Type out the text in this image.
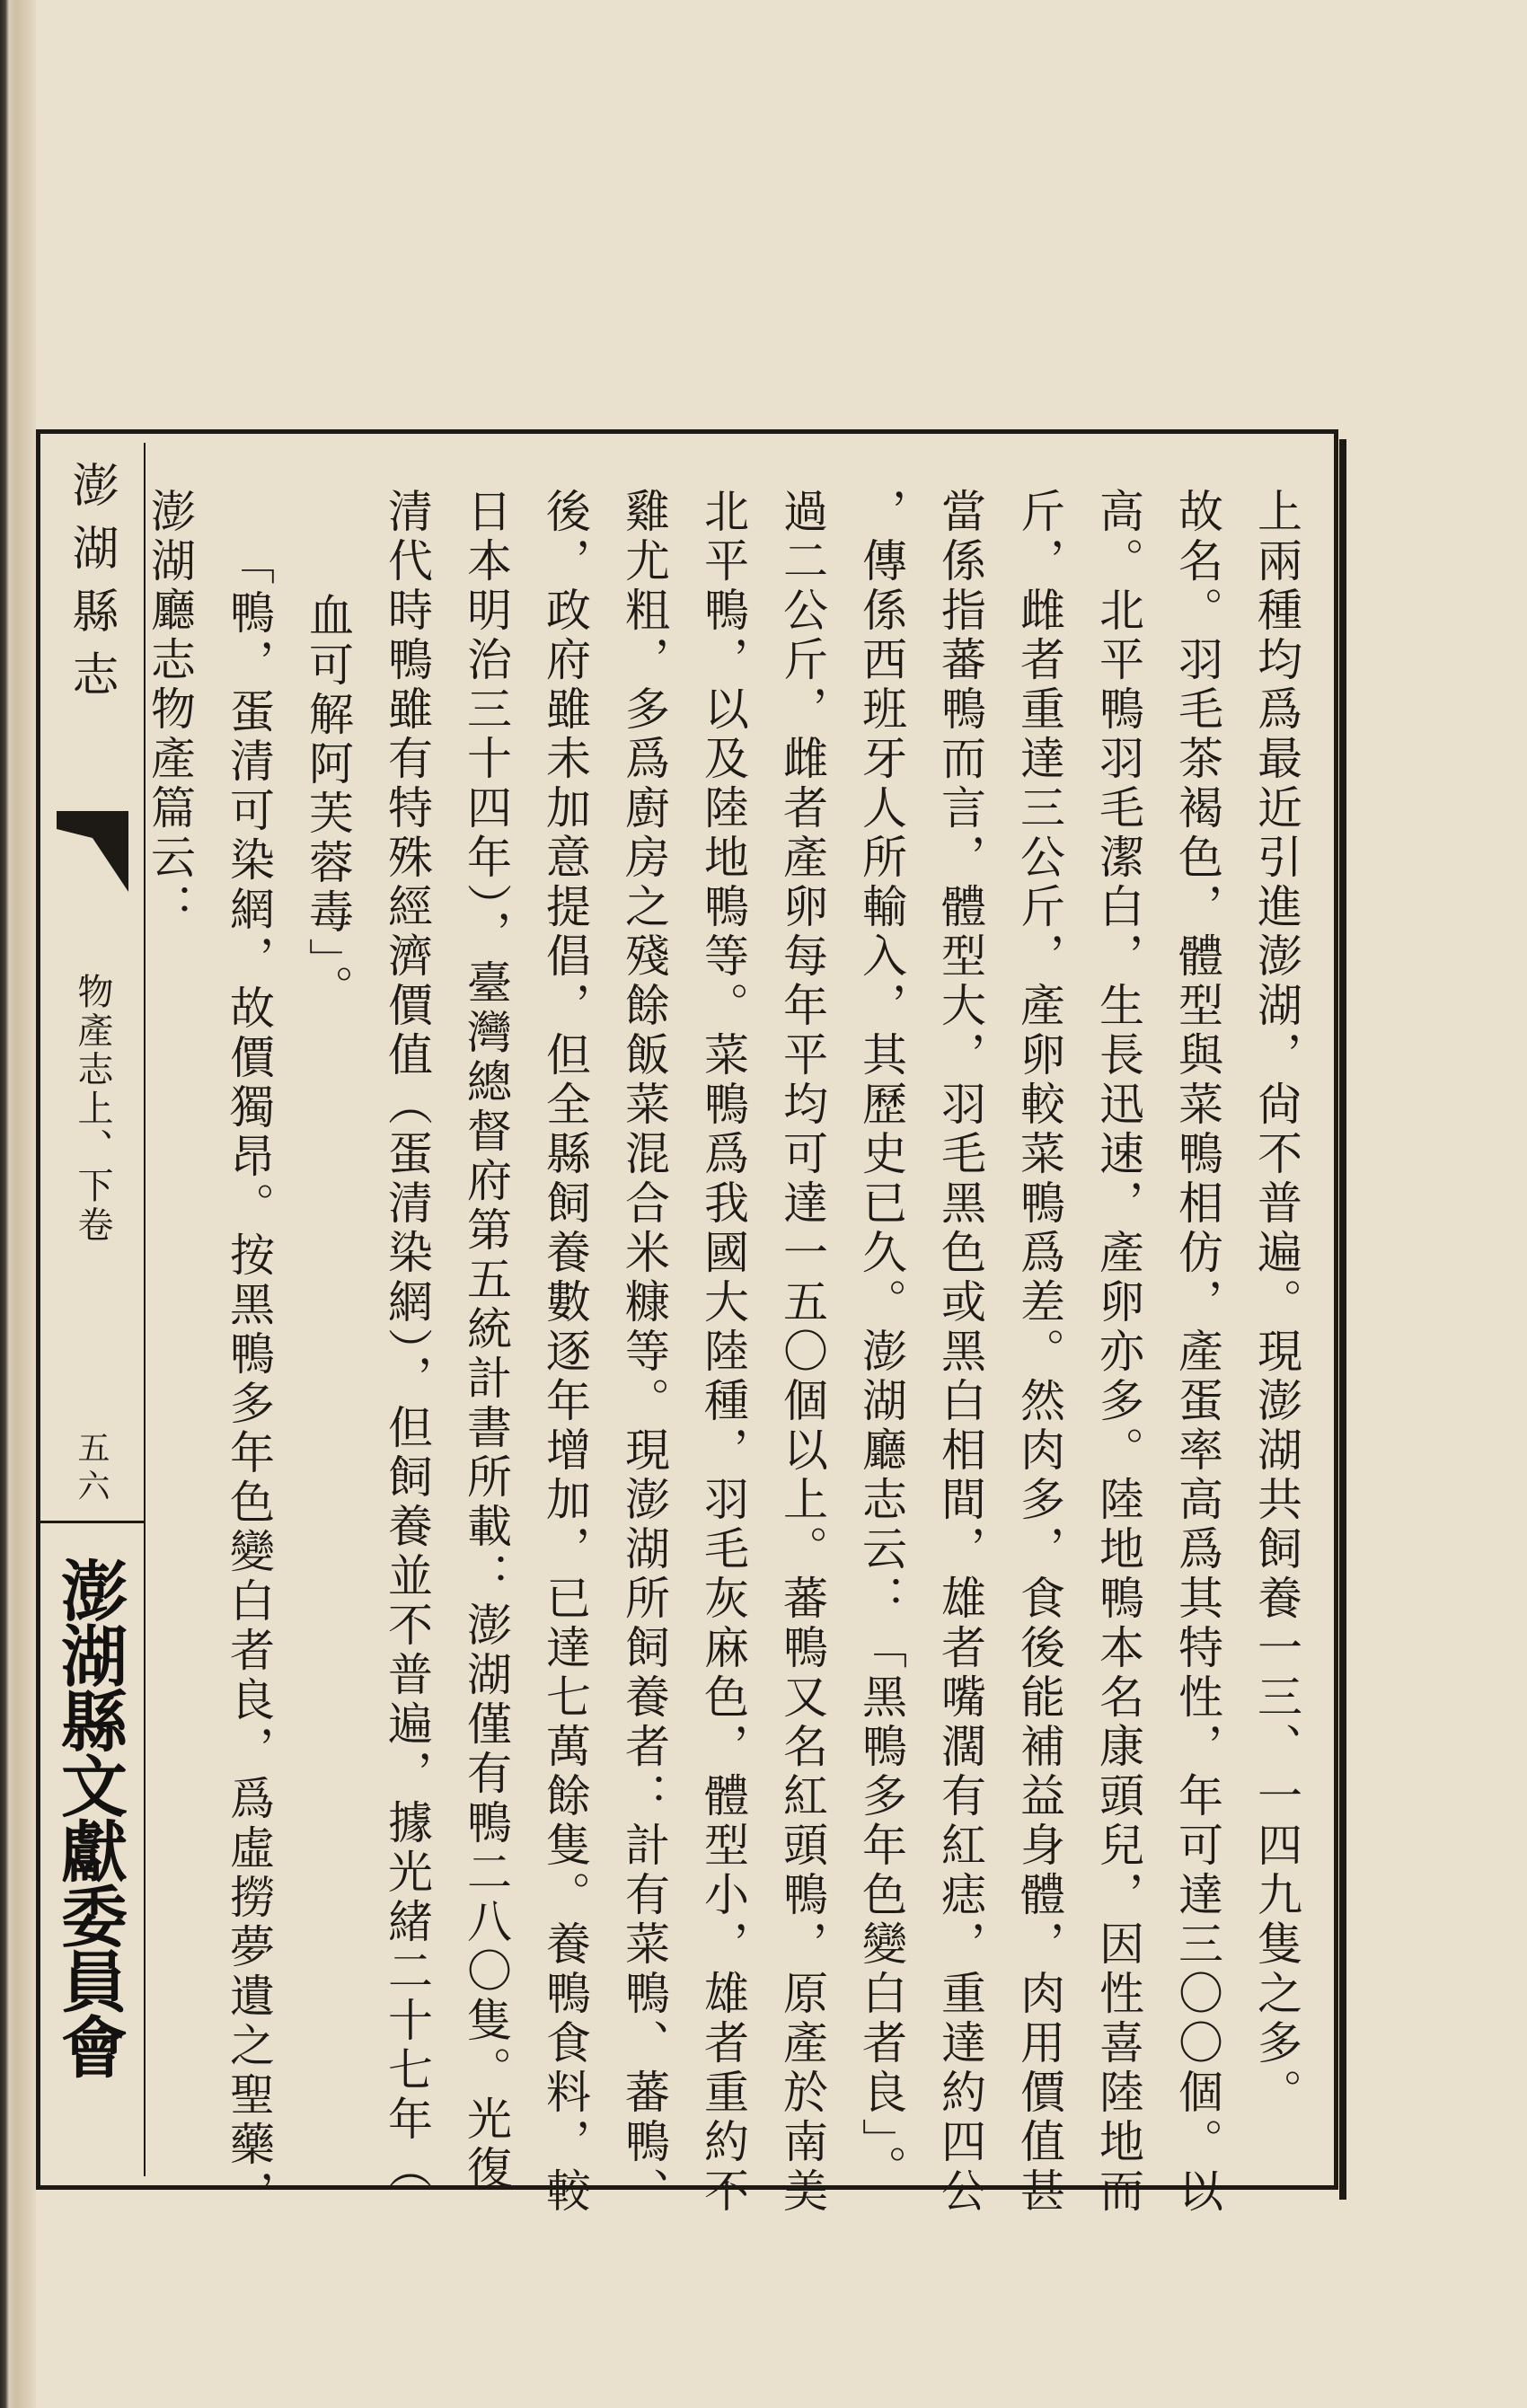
澎湖縣志
物產志上、下卷
五六
澎湖縣文獻委員會
澎湖廳志物產篇云： 「鴨，蛋清可染網，故價獨昂。按黑鴨多年色變白者良，爲虛撈夢遺之聖藥， 血可解阿芙蓉毒」。 清代時鴨雖有特殊經濟價值（蛋清染網），但飼養並不普遍，據光緒二十七年（ 日本明治三十四年），臺灣總督府第五統計書所載：澎湖僅有鴨二八〇隻。光復 後，政府雖未加意提倡，但全縣飼養數逐年增加，已達七萬餘隻。養鴨食料，較 雞尤粗，多爲廚房之殘餘飯菜混合米糠等。現澎湖所飼養者：計有菜鴨、蕃鴨、 北平鴨，以及陸地鴨等。菜鴨爲我國大陸種，羽毛灰麻色，體型小，雄者重約不 過二公斤，雌者產卵每年平均可達一五〇個以上。蕃鴨又名紅頭鴨，原產於南美 ，傳係西班牙人所輸入，其歷史已久。澎湖廳志云：「黑鴨多年色變白者良」。 當係指蕃鴨而言，體型大，羽毛黑色或黑白相間，雄者嘴濶有紅痣，重達約四公 斤，雌者重達三公斤，產卵較菜鴨爲差。然肉多，食後能補益身體，肉用價值甚 高。北平鴨羽毛潔白，生長迅速，產卵亦多。陸地鴨本名康頭兒，因性喜陸地而 故名。羽毛茶褐色，體型與菜鴨相仿，產蛋率高爲其特性，年可達三〇〇個。以 上兩種均爲最近引進澎湖，尙不普遍。現澎湖共飼養一三、一四九隻之多。
